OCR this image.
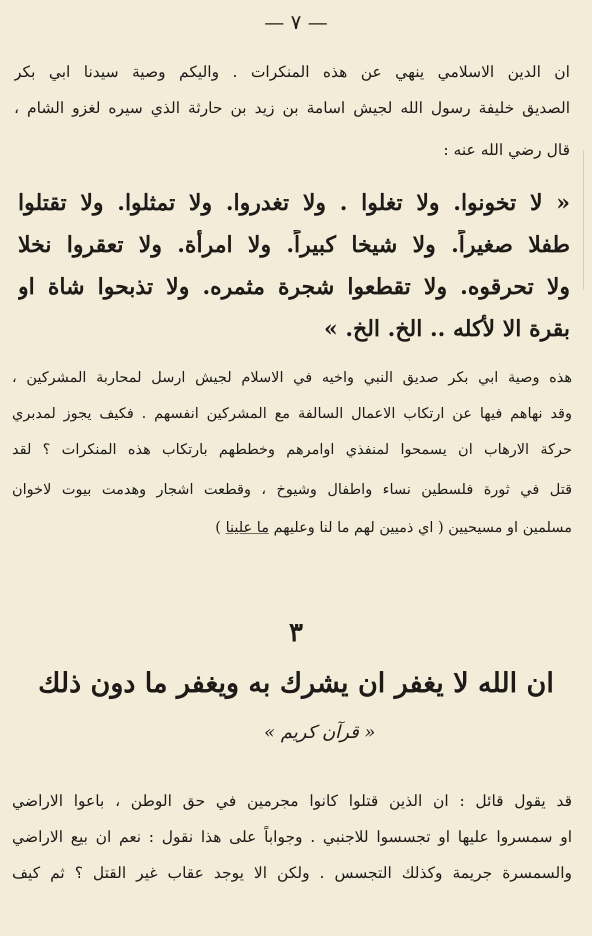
— ٧ —
ان الدين الاسلامي ينهي عن هذه المنكرات . واليكم وصية سيدنا ابي بكر
الصديق خليفة رسول الله لجيش اسامة بن زيد بن حارثة الذي سيره لغزو الشام ،
قال رضي الله عنه :
« لا تخونوا. ولا تغلوا . ولا تغدروا. ولا تمثلوا. ولا تقتلوا
طفلا صغيراً. ولا شيخا كبيراً. ولا امرأة. ولا تعقروا نخلا
ولا تحرقوه. ولا تقطعوا شجرة مثمره. ولا تذبحوا شاة او
بقرة الا لأكله .. الخ. الخ. »
هذه وصية ابي بكر صديق النبي واخيه في الاسلام لجيش ارسل لمحاربة المشركين ،
وقد نهاهم فيها عن ارتكاب الاعمال السالفة مع المشركين انفسهم . فكيف يجوز لمدبري
حركة الارهاب ان يسمحوا لمنفذي اوامرهم وخططهم بارتكاب هذه المنكرات ؟ لقد
قتل في ثورة فلسطين نساء واطفال وشيوخ ، وقطعت اشجار وهدمت بيوت لاخوان
مسلمين او مسيحيين ( اي ذميين لهم ما لنا وعليهم ما علينا )
٣
ان الله لا يغفر ان يشرك به ويغفر ما دون ذلك
« قرآن كريم »
قد يقول قائل : ان الذين قتلوا كانوا مجرمين في حق الوطن ، باعوا الاراضي
او سمسروا عليها او تجسسوا للاجنبي . وجواباً على هذا نقول : نعم ان بيع الاراضي
والسمسرة جريمة وكذلك التجسس . ولكن الا يوجد عقاب غير القتل ؟ ثم كيف
